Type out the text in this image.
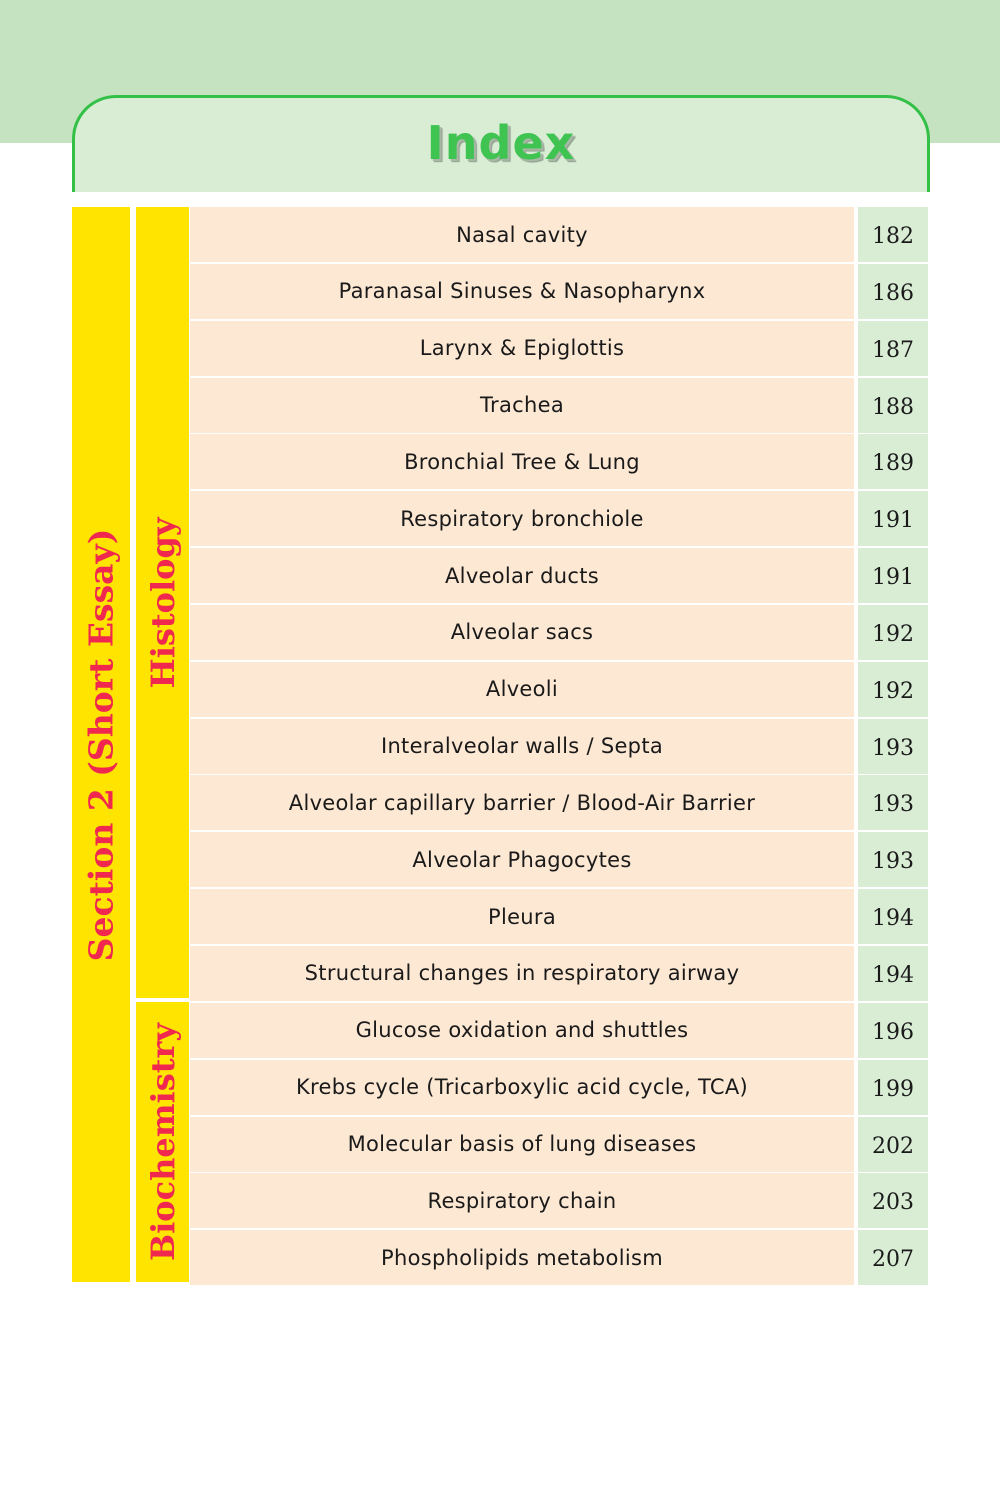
Index
Section 2 (Short Essay) Histology
Biochemistry
Nasal cavity	182
Paranasal Sinuses & Nasopharynx	186
Larynx & Epiglottis	187
Trachea	188
Bronchial Tree & Lung	189
Respiratory bronchiole	191
Alveolar ducts	191
Alveolar sacs	192
Alveoli	192
Interalveolar walls / Septa	193
Alveolar capillary barrier / Blood-Air Barrier	193
Alveolar Phagocytes	193
Pleura	194
Structural changes in respiratory airway	194
Glucose oxidation and shuttles	196
Krebs cycle (Tricarboxylic acid cycle, TCA)	199
Molecular basis of lung diseases	202
Respiratory chain	203
Phospholipids metabolism	207
